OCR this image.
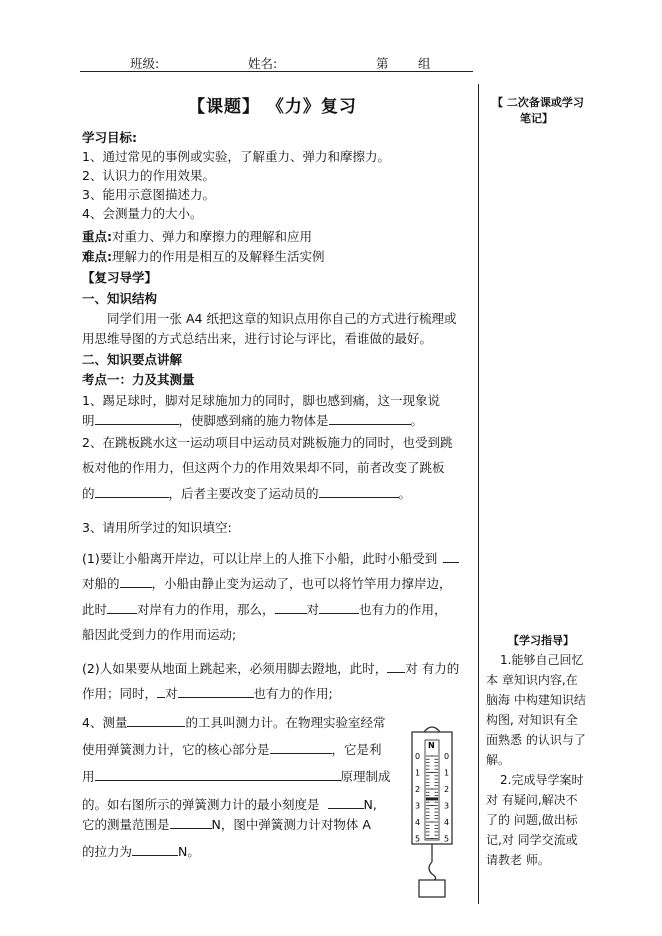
班级:	姓名:	第 组
【课题】 《力》复习	【 二次备课或学习
笔记】
【学习指导】
1.能够自己回忆
本 章知识内容,在
脑海 中构建知识结
构图, 对知识有全
面熟悉 的认识与了
解。
2.完成导学案时
对 有疑问,解决不
了的 问题,做出标
记,对 同学交流或
请教老 师。
学习目标:
1、通过常见的事例或实验，了解重力、弹力和摩擦力。
2、认识力的作用效果。
3、能用示意图描述力。
4、会测量力的大小。
重点:对重力、弹力和摩擦力的理解和应用
难点:理解力的作用是相互的及解释生活实例
【复习导学】
一、知识结构
同学们用一张 A4 纸把这章的知识点用你自己的方式进行梳理或
用思维导图的方式总结出来，进行讨论与评比，看谁做的最好。
二、知识要点讲解
考点一：力及其测量
1、踢足球时，脚对足球施加力的同时，脚也感到痛，这一现象说
明	，使脚感到痛的施力物体是	。
2、在跳板跳水这一运动项目中运动员对跳板施力的同时，也受到跳
板对他的作用力，但这两个力的作用效果却不同，前者改变了跳板
的	，后者主要改变了运动员的	。
3、请用所学过的知识填空:
(1)要让小船离开岸边，可以让岸上的人推下小船，此时小船受到
对船的	，小船由静止变为运动了，也可以将竹竿用力撑岸边，
此时 对岸有力的作用，那么，	对	也有力的作用，
船因此受到力的作用而运动;
(2)人如果要从地面上跳起来，必须用脚去蹬地，此时， 对 有力的
作用；同时， 对	也有力的作用;
4、测量	的工具叫测力计。在物理实验室经常
使用弹簧测力计，它的核心部分是	，它是利
用	原理制成
的。如右图所示的弹簧测力计的最小刻度是	N,
它的测量范围是	N，图中弹簧测力计对物体 A
的拉力为	N。
N
0
1
2
3
4
5
0
1
2
3
4
5
